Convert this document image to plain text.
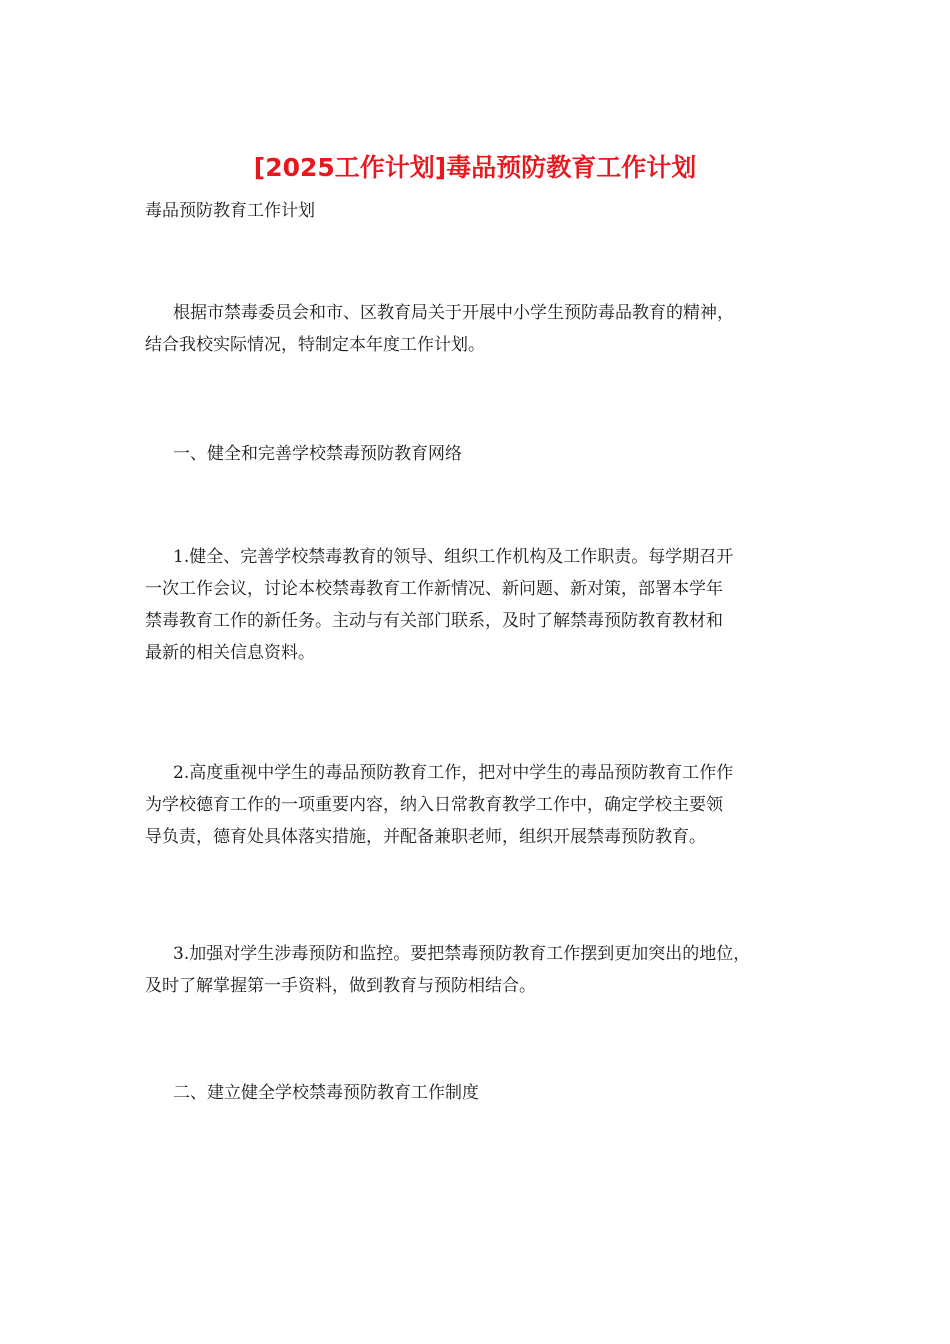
[2025工作计划]毒品预防教育工作计划
毒品预防教育工作计划
根据市禁毒委员会和市、区教育局关于开展中小学生预防毒品教育的精神，
结合我校实际情况，特制定本年度工作计划。
一、健全和完善学校禁毒预防教育网络
1.健全、完善学校禁毒教育的领导、组织工作机构及工作职责。每学期召开
一次工作会议，讨论本校禁毒教育工作新情况、新问题、新对策，部署本学年
禁毒教育工作的新任务。主动与有关部门联系，及时了解禁毒预防教育教材和
最新的相关信息资料。
2.高度重视中学生的毒品预防教育工作，把对中学生的毒品预防教育工作作
为学校德育工作的一项重要内容，纳入日常教育教学工作中，确定学校主要领
导负责，德育处具体落实措施，并配备兼职老师，组织开展禁毒预防教育。
3.加强对学生涉毒预防和监控。要把禁毒预防教育工作摆到更加突出的地位，
及时了解掌握第一手资料，做到教育与预防相结合。
二、建立健全学校禁毒预防教育工作制度
